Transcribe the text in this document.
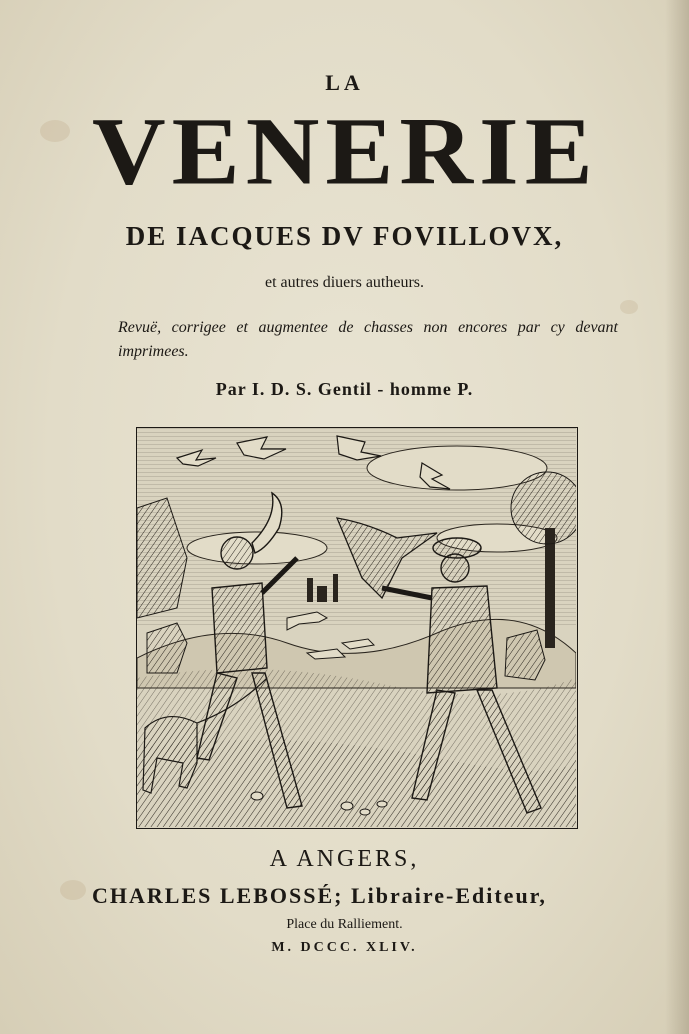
LA
VENERIE
DE IACQUES DV FOVILLOVX,
et autres diuers autheurs.
Revuë, corrigee et augmentee de chasses non encores par cy devant imprimees.
Par I. D. S. Gentil - homme P.
A ANGERS,
CHARLES LEBOSSÉ; Libraire-Editeur,
Place du Ralliement.
M. DCCC. XLIV.
